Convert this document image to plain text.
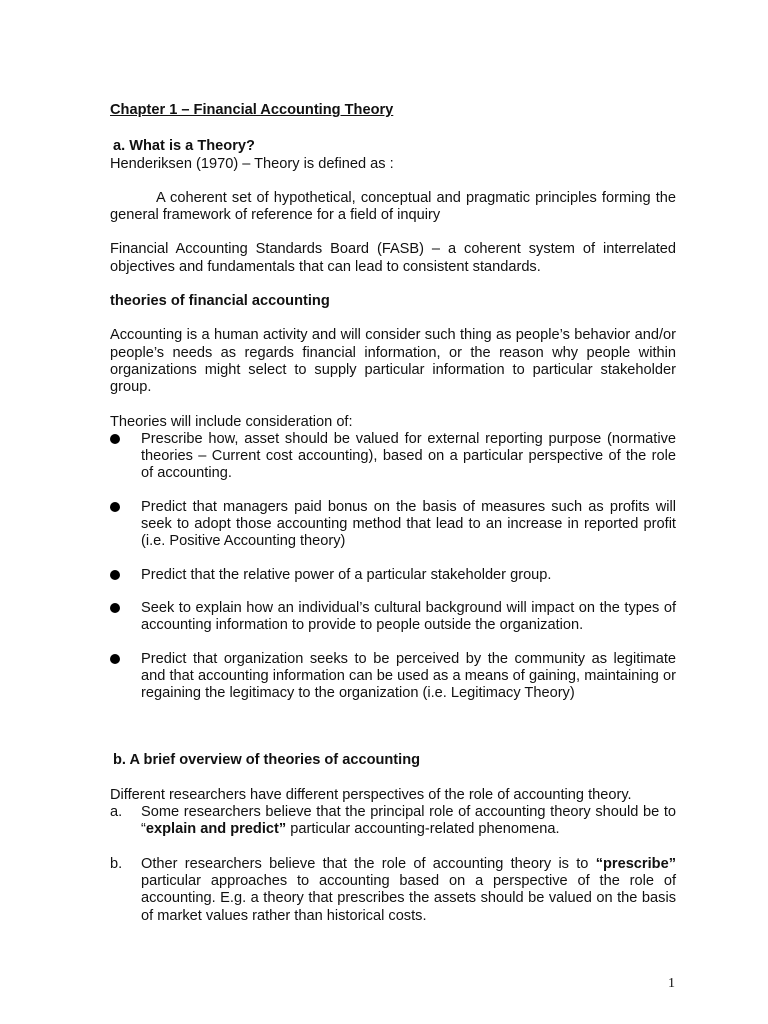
Chapter 1 – Financial Accounting Theory

a. What is a Theory?

Henderiksen (1970) – Theory is defined as :

A coherent set of hypothetical, conceptual and pragmatic principles forming the general framework of reference for a field of inquiry

Financial Accounting Standards Board (FASB) – a coherent system of interrelated objectives and fundamentals that can lead to consistent standards.

theories of financial accounting

Accounting is a human activity and will consider such thing as people’s behavior and/or people’s needs as regards financial information, or the reason why people within organizations might select to supply particular information to particular stakeholder group.

Theories will include consideration of:

Prescribe how, asset should be valued for external reporting purpose (normative theories – Current cost accounting), based on a particular perspective of the role of accounting.
Predict that managers paid bonus on the basis of measures such as profits will seek to adopt those accounting method that lead to an increase in reported profit (i.e. Positive Accounting theory)
Predict that the relative power of a particular stakeholder group.
Seek to explain how an individual’s cultural background will impact on the types of accounting information to provide to people outside the organization.
Predict that organization seeks to be perceived by the community as legitimate and that accounting information can be used as a means of gaining, maintaining or regaining the legitimacy to the organization (i.e. Legitimacy Theory)

b. A brief overview of theories of accounting

Different researchers have different perspectives of the role of accounting theory.

a. Some researchers believe that the principal role of accounting theory should be to “explain and predict” particular accounting-related phenomena.
b. Other researchers believe that the role of accounting theory is to “prescribe” particular approaches to accounting based on a perspective of the role of accounting. E.g. a theory that prescribes the assets should be valued on the basis of market values rather than historical costs.
1
